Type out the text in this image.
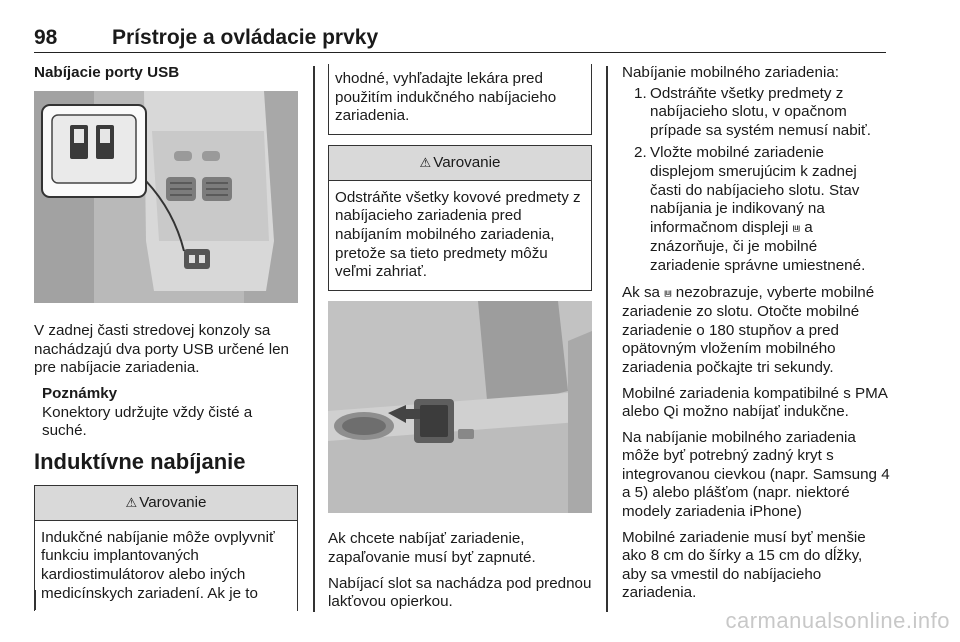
98	Prístroje a ovládacie prvky
Nabíjacie porty USB

V zadnej časti stredovej konzoly sa nachádzajú dva porty USB určené len pre nabíjacie zariadenia.

Poznámky
Konektory udržujte vždy čisté a suché.
Induktívne nabíjanie
⚠ Varovanie
Indukčné nabíjanie môže ovplyvniť funkciu implantovaných kardiostimulátorov alebo iných medicínskych zariadení. Ak je to
vhodné, vyhľadajte lekára pred použitím indukčného nabíjacieho zariadenia.
⚠ Varovanie
Odstráňte všetky kovové predmety z nabíjacieho zariadenia pred nabíjaním mobilného zariadenia, pretože sa tieto predmety môžu veľmi zahriať.

Ak chcete nabíjať zariadenie, zapaľovanie musí byť zapnuté.

Nabíjací slot sa nachádza pod prednou lakťovou opierkou.

Nabíjanie mobilného zariadenia:

1. Odstráňte všetky predmety z nabíjacieho slotu, v opačnom prípade sa systém nemusí nabiť.
2. Vložte mobilné zariadenie displejom smerujúcim k zadnej časti do nabíjacieho slotu. Stav nabíjania je indikovaný na informačnom displeji ⩏ a znázorňuje, či je mobilné zariadenie správne umiestnené.

Ak sa ⩏ nezobrazuje, vyberte mobilné zariadenie zo slotu. Otočte mobilné zariadenie o 180 stupňov a pred opätovným vložením mobilného zariadenia počkajte tri sekundy.

Mobilné zariadenia kompatibilné s PMA alebo Qi možno nabíjať indukčne.

Na nabíjanie mobilného zariadenia môže byť potrebný zadný kryt s integrovanou cievkou (napr. Samsung 4 a 5) alebo plášťom (napr. niektoré modely zariadenia iPhone)

Mobilné zariadenie musí byť menšie ako 8 cm do šírky a 15 cm do dĺžky, aby sa vmestil do nabíjacieho zariadenia.

carmanualsonline.info
